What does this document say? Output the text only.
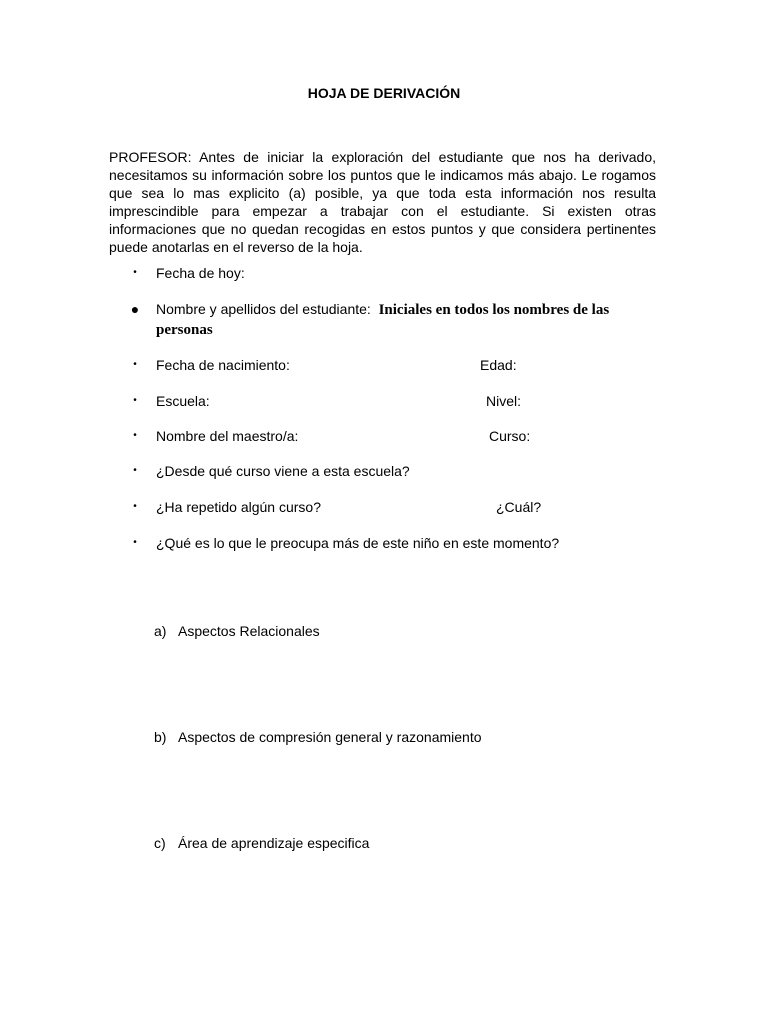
HOJA DE DERIVACIÓN
PROFESOR: Antes de iniciar la exploración del estudiante que nos ha derivado, necesitamos su información sobre los puntos que le indicamos más abajo. Le rogamos que sea lo mas explicito (a) posible, ya que toda esta información nos resulta imprescindible para empezar a trabajar con el estudiante. Si existen otras informaciones que no quedan recogidas en estos puntos y que considera pertinentes puede anotarlas en el reverso de la hoja.
• Fecha de hoy:
● Nombre y apellidos del estudiante: Iniciales en todos los nombres de las
personas
• Fecha de nacimiento:	Edad:
• Escuela:	Nivel:
• Nombre del maestro/a:	Curso:
• ¿Desde qué curso viene a esta escuela?
• ¿Ha repetido algún curso?	¿Cuál?
• ¿Qué es lo que le preocupa más de este niño en este momento?
a) Aspectos Relacionales
b) Aspectos de compresión general y razonamiento
c) Área de aprendizaje especifica
